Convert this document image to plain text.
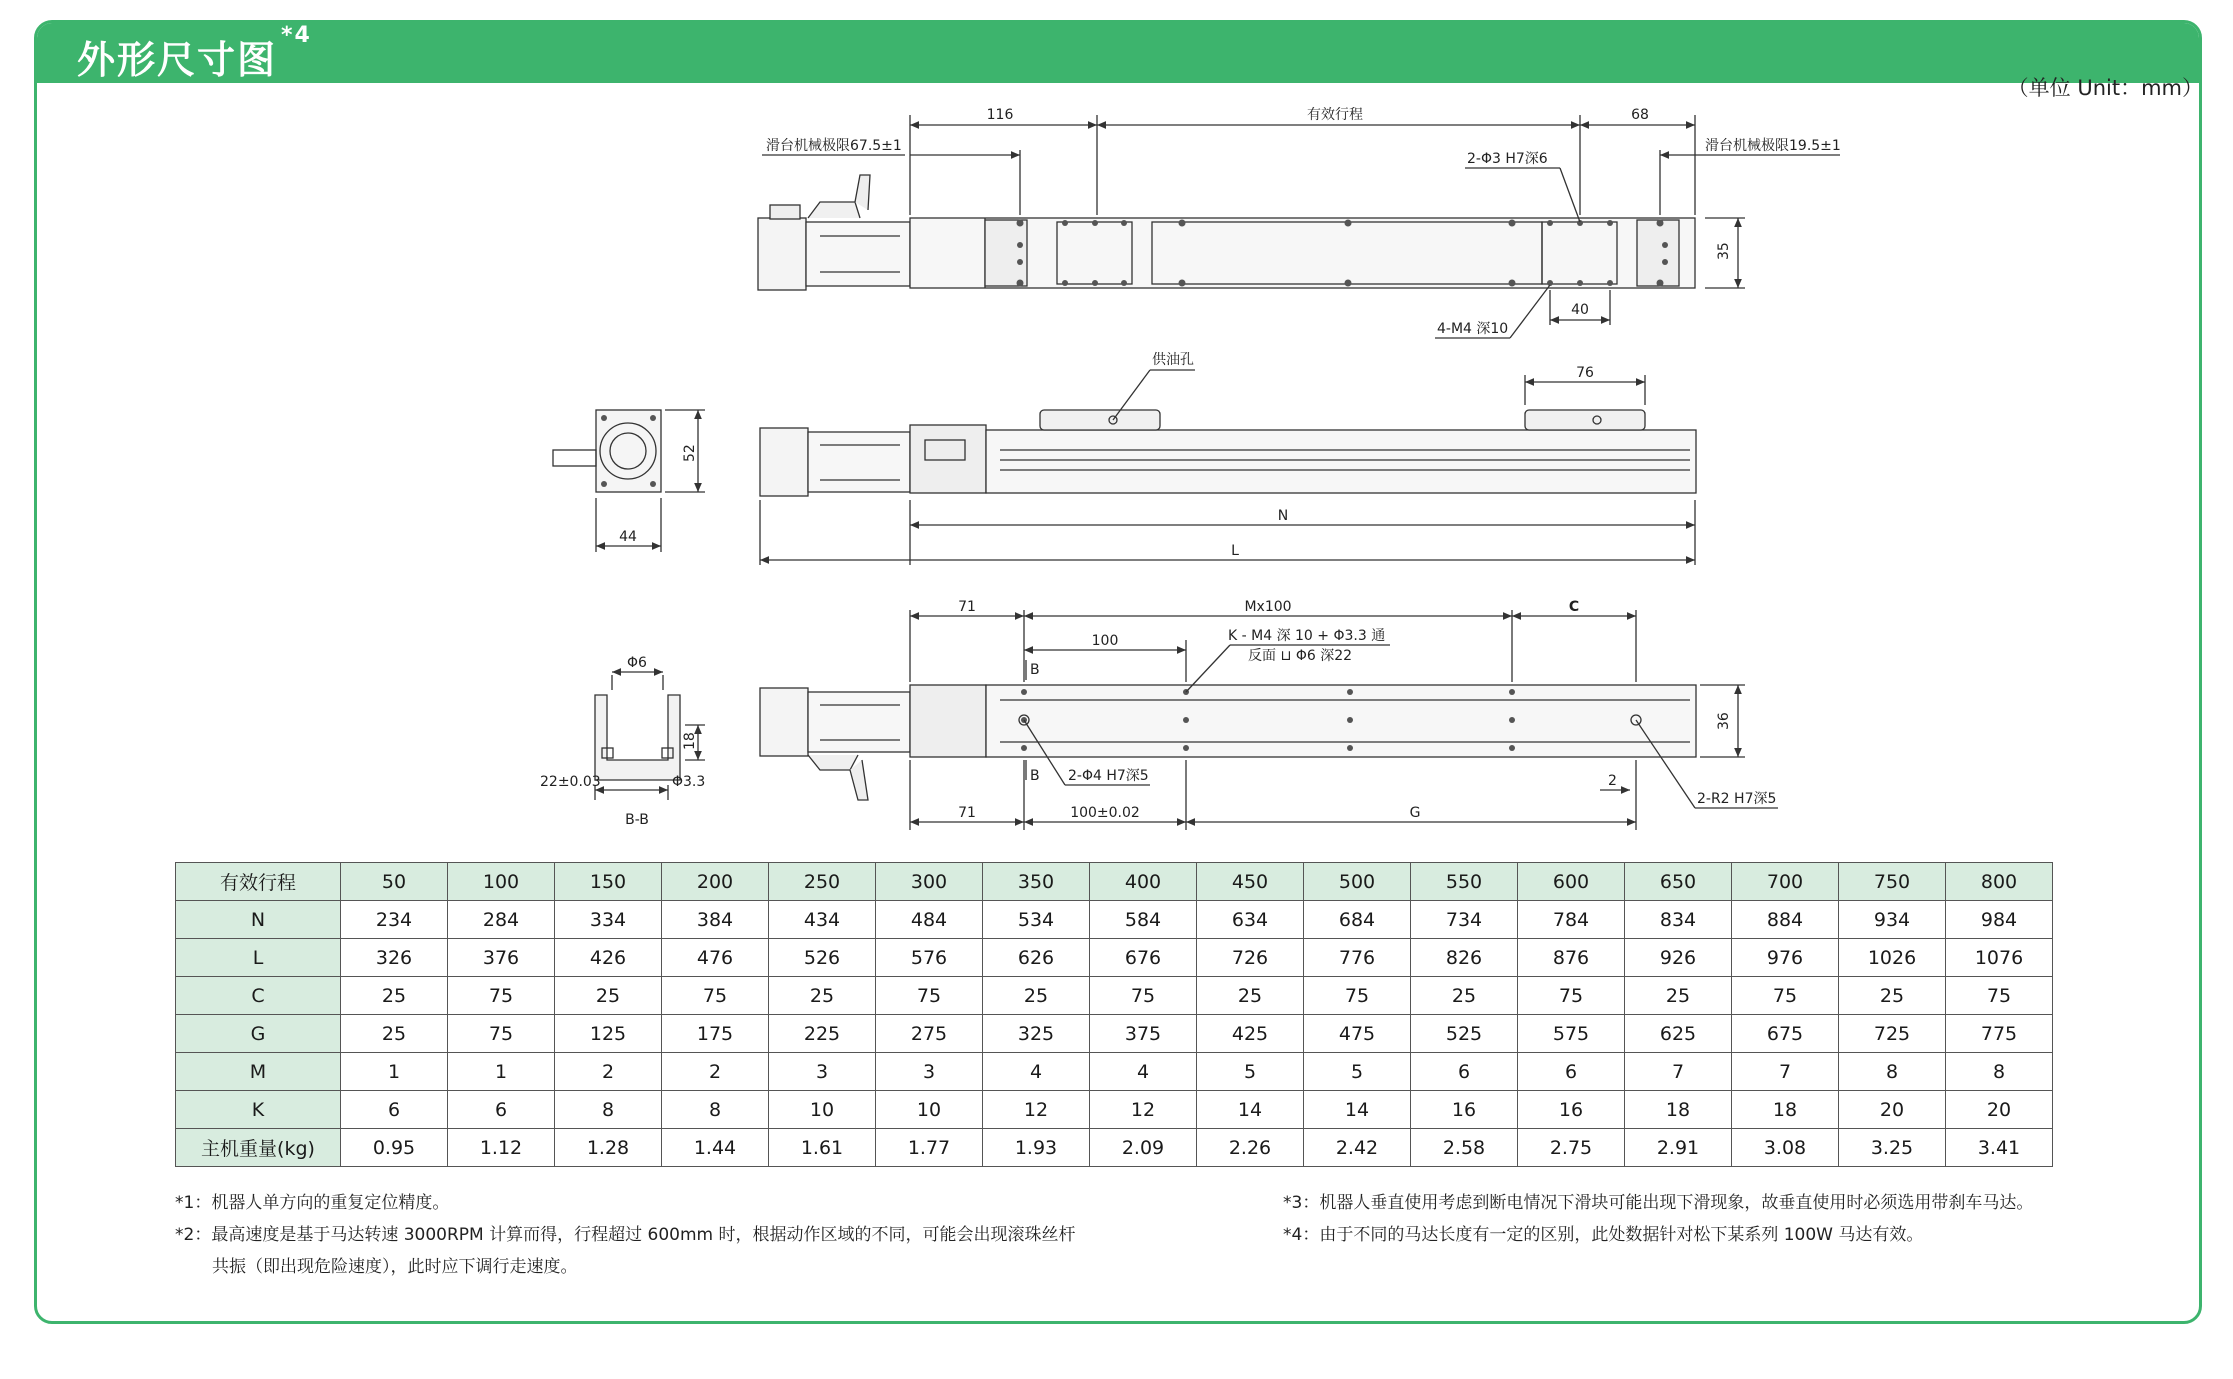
外形尺寸图$^{*4}$
（单位 Unit：mm）
116	有效行程	68
滑台机械极限67.5±1	滑台机械极限19.5±1
2-Φ3 H7深6
35
40
4-M4 深10
供油孔
76
52
44
N
L
71	Mx100	C
100	K - M4 深 10 + Φ3.3 通
反面 ⊔ Φ6 深22
B
B 2-Φ4 H7深5	2
2-R2 H7深5
36
71	100±0.02	G
Φ6
18
22±0.03	Φ3.3
B-B
有效行程	50	100	150	200	250	300	350	400	450	500	550	600	650	700	750	800
N	234	284	334	384	434	484	534	584	634	684	734	784	834	884	934	984
L	326	376	426	476	526	576	626	676	726	776	826	876	926	976	1026	1076
C	25	75	25	75	25	75	25	75	25	75	25	75	25	75	25	75
G	25	75	125	175	225	275	325	375	425	475	525	575	625	675	725	775
M	1	1	2	2	3	3	4	4	5	5	6	6	7	7	8	8
K	6	6	8	8	10	10	12	12	14	14	16	16	18	18	20	20
主机重量(kg)	0.95	1.12	1.28	1.44	1.61	1.77	1.93	2.09	2.26	2.42	2.58	2.75	2.91	3.08	3.25	3.41
*1：机器人单方向的重复定位精度。
*2：最高速度是基于马达转速 3000RPM 计算而得，行程超过 600mm 时，根据动作区域的不同，可能会出现滚珠丝杆
共振（即出现危险速度），此时应下调行走速度。
*3：机器人垂直使用考虑到断电情况下滑块可能出现下滑现象，故垂直使用时必须选用带刹车马达。
*4：由于不同的马达长度有一定的区别，此处数据针对松下某系列 100W 马达有效。
